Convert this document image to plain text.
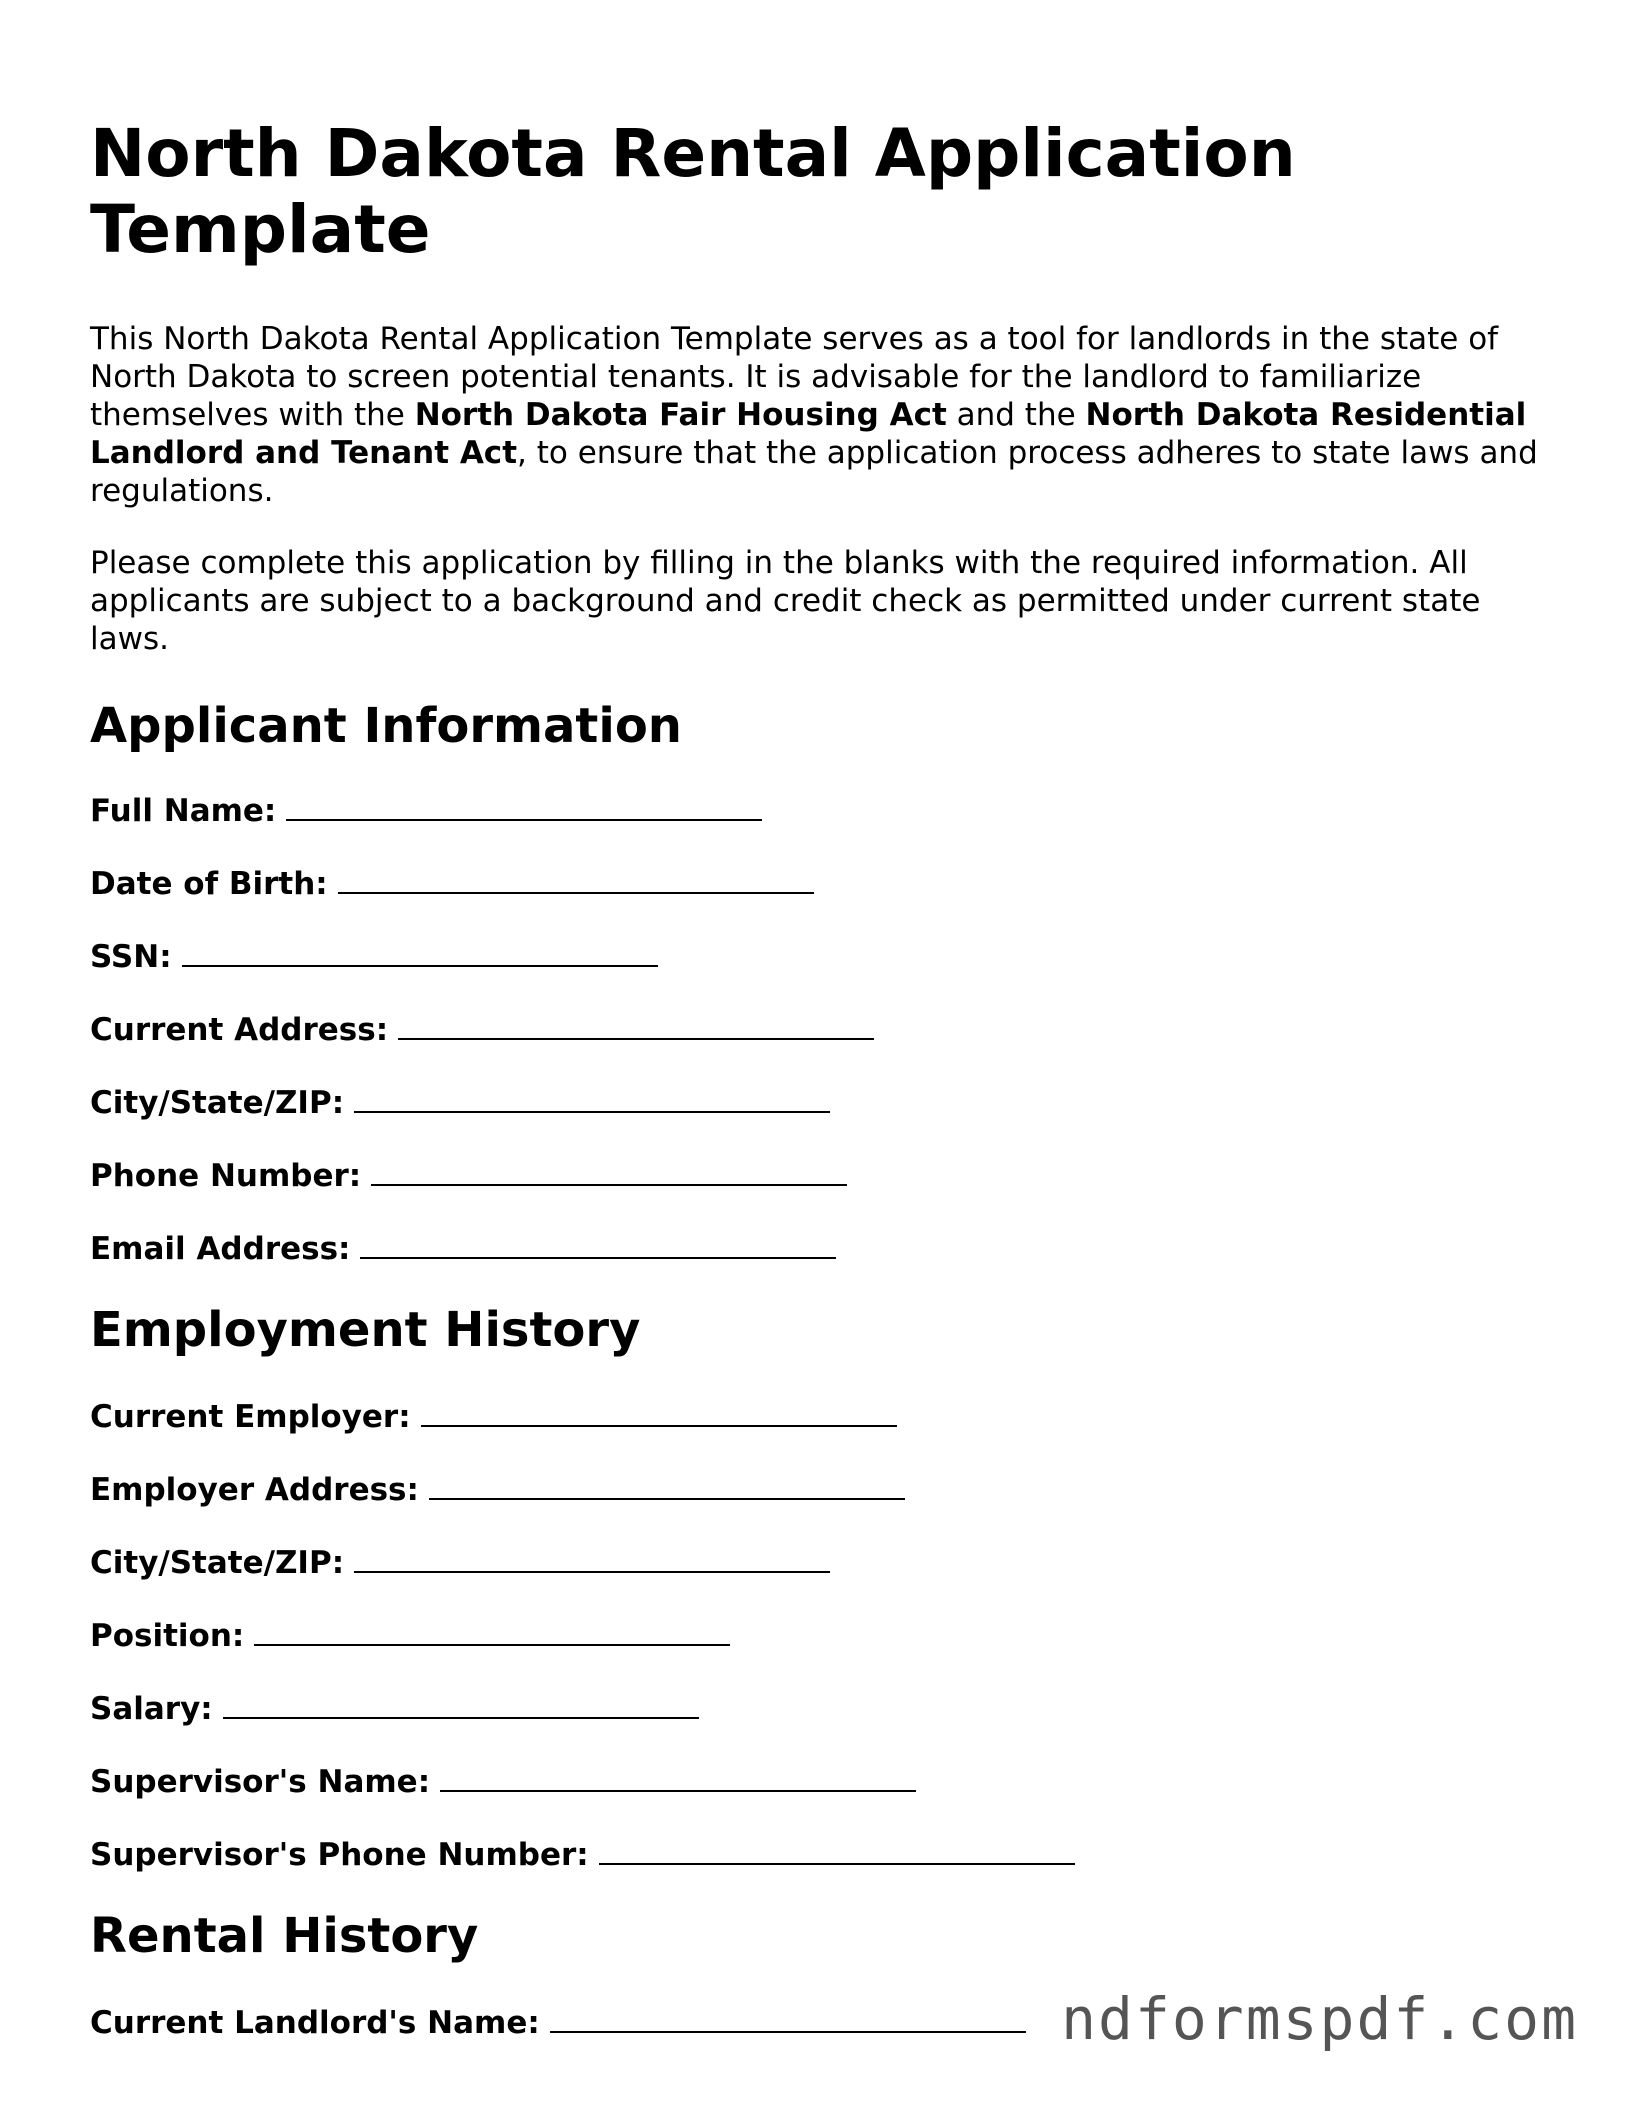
North Dakota Rental Application Template

This North Dakota Rental Application Template serves as a tool for landlords in the state of North Dakota to screen potential tenants. It is advisable for the landlord to familiarize themselves with the North Dakota Fair Housing Act and the North Dakota Residential Landlord and Tenant Act, to ensure that the application process adheres to state laws and regulations.

Please complete this application by filling in the blanks with the required information. All applicants are subject to a background and credit check as permitted under current state laws.

Applicant Information

Full Name:

Date of Birth:

SSN:

Current Address:

City/State/ZIP:

Phone Number:

Email Address:

Employment History

Current Employer:

Employer Address:

City/State/ZIP:

Position:

Salary:

Supervisor's Name:

Supervisor's Phone Number:

Rental History

Current Landlord's Name:	ndformspdf.com
